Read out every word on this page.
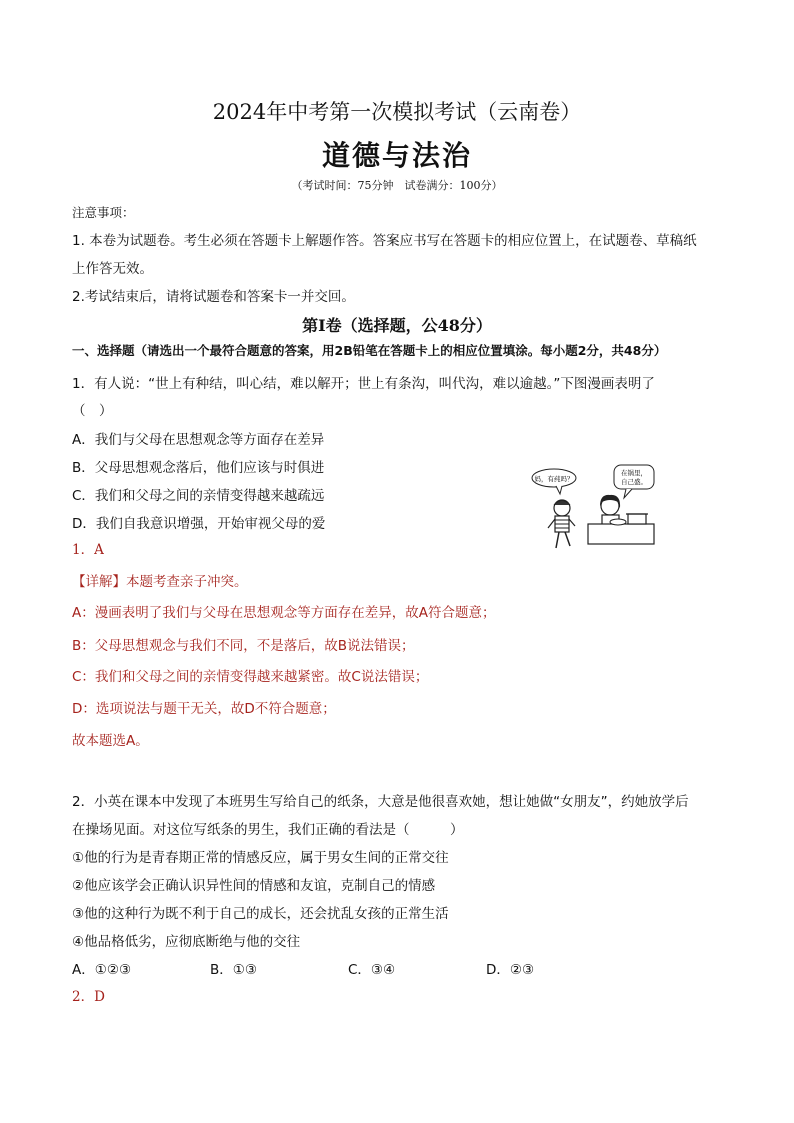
2024年中考第一次模拟考试（云南卷）
道德与法治
（考试时间：75分钟　试卷满分：100分）
注意事项：
1. 本卷为试题卷。考生必须在答题卡上解题作答。答案应书写在答题卡的相应位置上，在试题卷、草稿纸
上作答无效。
2.考试结束后，请将试题卷和答案卡一并交回。
第Ⅰ卷（选择题，公48分）
一、选择题（请选出一个最符合题意的答案，用2B铅笔在答题卡上的相应位置填涂。每小题2分，共48分）
1．有人说：“世上有种结，叫心结，难以解开；世上有条沟，叫代沟，难以逾越。”下图漫画表明了
（　）
A．我们与父母在思想观念等方面存在差异
B．父母思想观念落后，他们应该与时俱进
C．我们和父母之间的亲情变得越来越疏远
D．我们自我意识增强，开始审视父母的爱
妈，有莼吗？
在锅里，
自己盛。
1．A
【详解】本题考查亲子冲突。
A：漫画表明了我们与父母在思想观念等方面存在差异，故A符合题意；
B：父母思想观念与我们不同，不是落后，故B说法错误；
C：我们和父母之间的亲情变得越来越紧密。故C说法错误；
D：选项说法与题干无关，故D不符合题意；
故本题选A。
2．小英在课本中发现了本班男生写给自己的纸条，大意是他很喜欢她，想让她做“女朋友”，约她放学后
在操场见面。对这位写纸条的男生，我们正确的看法是（　　　）
①他的行为是青春期正常的情感反应，属于男女生间的正常交往
②他应该学会正确认识异性间的情感和友谊，克制自己的情感
③他的这种行为既不利于自己的成长，还会扰乱女孩的正常生活
④他品格低劣，应彻底断绝与他的交往
A．①②③	B．①③	C．③④	D．②③
2．D
